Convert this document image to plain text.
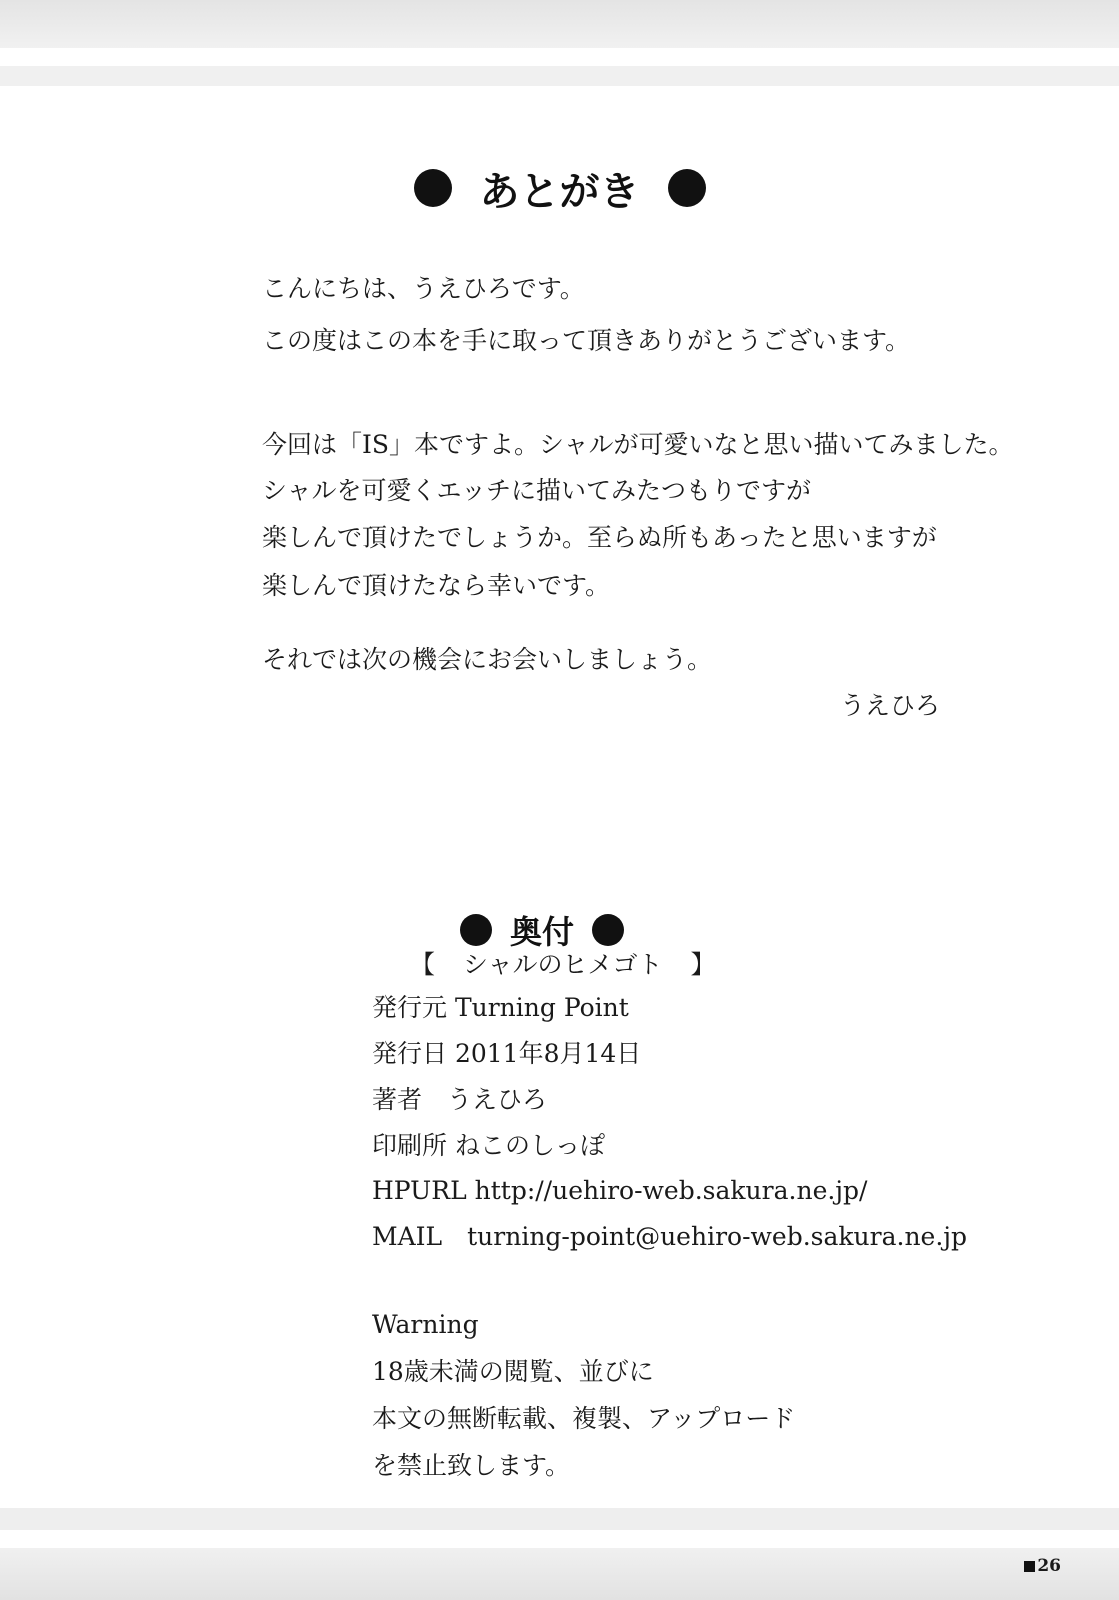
あとがき
こんにちは、うえひろです。
この度はこの本を手に取って頂きありがとうございます。
今回は「IS」本ですよ。シャルが可愛いなと思い描いてみました。
シャルを可愛くエッチに描いてみたつもりですが
楽しんで頂けたでしょうか。至らぬ所もあったと思いますが
楽しんで頂けたなら幸いです。
それでは次の機会にお会いしましょう。
うえひろ
奥付
【 シャルのヒメゴト 】
発行元 Turning Point
発行日 2011年8月14日
著者　うえひろ
印刷所 ねこのしっぽ
HPURL http://uehiro-web.sakura.ne.jp/
MAIL　turning-point@uehiro-web.sakura.ne.jp
Warning
18歳未満の閲覧、並びに
本文の無断転載、複製、アップロード
を禁止致します。
26
